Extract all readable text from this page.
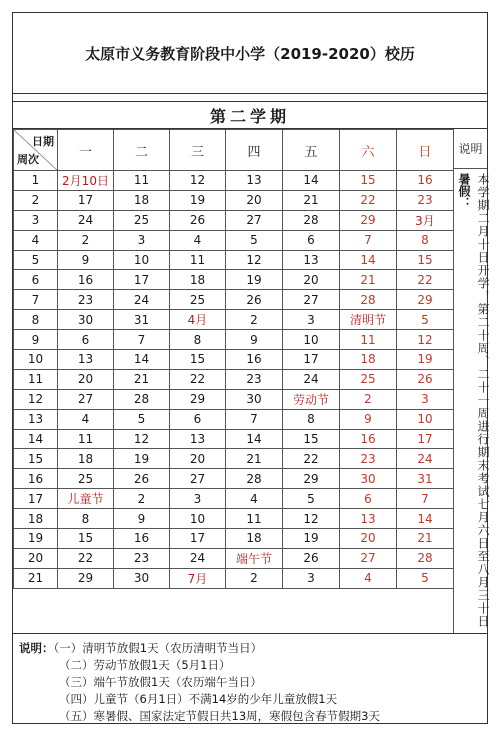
太原市义务教育阶段中小学（2019-2020）校历
第二学期
日期
周次	一	二	三	四	五	六	日
1	2月10日	11	12	13	14	15	16
2	17	18	19	20	21	22	23
3	24	25	26	27	28	29	3月
4	2	3	4	5	6	7	8
5	9	10	11	12	13	14	15
6	16	17	18	19	20	21	22
7	23	24	25	26	27	28	29
8	30	31	4月	2	3	清明节	5
9	6	7	8	9	10	11	12
10	13	14	15	16	17	18	19
11	20	21	22	23	24	25	26
12	27	28	29	30	劳动节	2	3
13	4	5	6	7	8	9	10
14	11	12	13	14	15	16	17
15	18	19	20	21	22	23	24
16	25	26	27	28	29	30	31
17	儿童节	2	3	4	5	6	7
18	8	9	10	11	12	13	14
19	15	16	17	18	19	20	21
20	22	23	24	端午节	26	27	28
21	29	30	7月	2	3	4	5
说明
暑假： 本学期二月十日开学，第二十周、二十一周进行期末考试七月六日至八月三十日
说明：（一）清明节放假1天（农历清明节当日）
（二）劳动节放假1天（5月1日）
（三）端午节放假1天（农历端午当日）
（四）儿童节（6月1日）不满14岁的少年儿童放假1天
（五）寒暑假、国家法定节假日共13周，寒假包含春节假期3天
